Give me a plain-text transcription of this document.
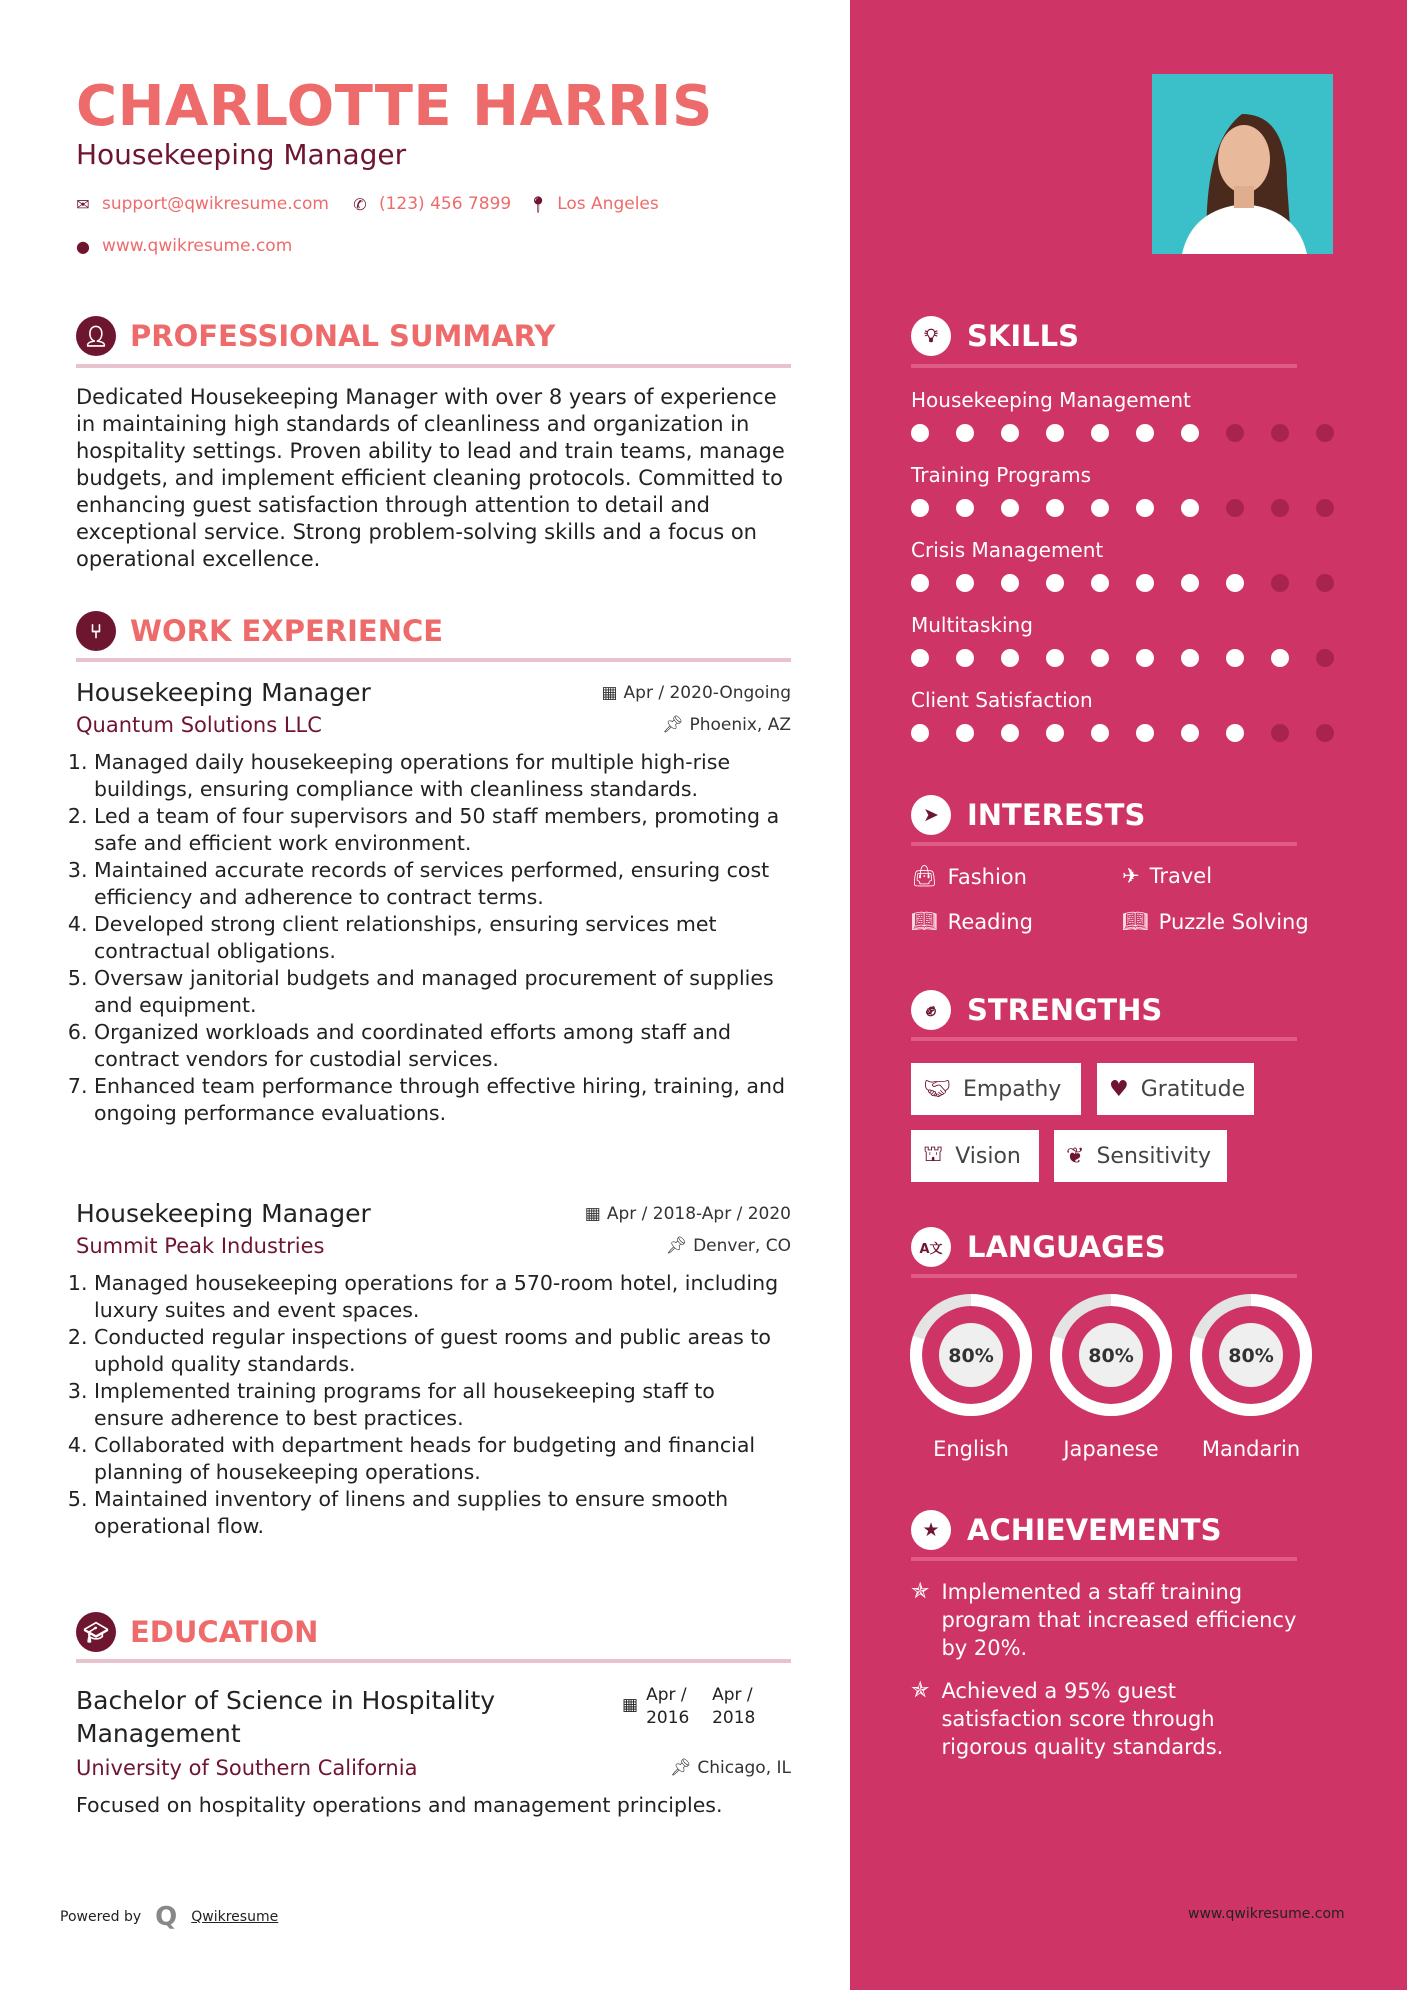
CHARLOTTE HARRIS
Housekeeping Manager
✉ support@qwikresume.com ✆ (123) 456 7899 📍︎ Los Angeles
● www.qwikresume.com
👤︎ PROFESSIONAL SUMMARY
Dedicated Housekeeping Manager with over 8 years of experience in maintaining high standards of cleanliness and organization in hospitality settings. Proven ability to lead and train teams, manage budgets, and implement efficient cleaning protocols. Committed to enhancing guest satisfaction through attention to detail and exceptional service. Strong problem-solving skills and a focus on operational excellence.
⑂ WORK EXPERIENCE
Housekeeping Manager	▦ Apr / 2020-Ongoing
Quantum Solutions LLC	📌︎ Phoenix, AZ
1. Managed daily housekeeping operations for multiple high-rise buildings, ensuring compliance with cleanliness standards.
2. Led a team of four supervisors and 50 staff members, promoting a safe and efficient work environment.
3. Maintained accurate records of services performed, ensuring cost efficiency and adherence to contract terms.
4. Developed strong client relationships, ensuring services met contractual obligations.
5. Oversaw janitorial budgets and managed procurement of supplies and equipment.
6. Organized workloads and coordinated efforts among staff and contract vendors for custodial services.
7. Enhanced team performance through effective hiring, training, and ongoing performance evaluations.
Housekeeping Manager	▦ Apr / 2018-Apr / 2020
Summit Peak Industries	📌︎ Denver, CO
1. Managed housekeeping operations for a 570-room hotel, including luxury suites and event spaces.
2. Conducted regular inspections of guest rooms and public areas to uphold quality standards.
3. Implemented training programs for all housekeeping staff to ensure adherence to best practices.
4. Collaborated with department heads for budgeting and financial planning of housekeeping operations.
5. Maintained inventory of linens and supplies to ensure smooth operational flow.
🎓︎ EDUCATION
Bachelor of Science in Hospitality Management
▦ Apr / 2016
Apr / 2018
University of Southern California	📌︎ Chicago, IL
Focused on hospitality operations and management principles.
Powered by Q Qwikresume	www.qwikresume.com
💡︎	SKILLS
Housekeeping Management
Training Programs
Crisis Management
Multitasking
Client Satisfaction
➤ INTERESTS
👜︎ Fashion	✈ Travel
📖︎ Reading	📖︎ Puzzle Solving
✊︎	STRENGTHS
🤝︎ Empathy ♥ Gratitude
⛫ Vision ❦ Sensitivity
A文 LANGUAGES
80%
English
80%
Japanese
80%
Mandarin
★ ACHIEVEMENTS
✯ Implemented a staff training program that increased efficiency by 20%.
✯ Achieved a 95% guest satisfaction score through rigorous quality standards.
